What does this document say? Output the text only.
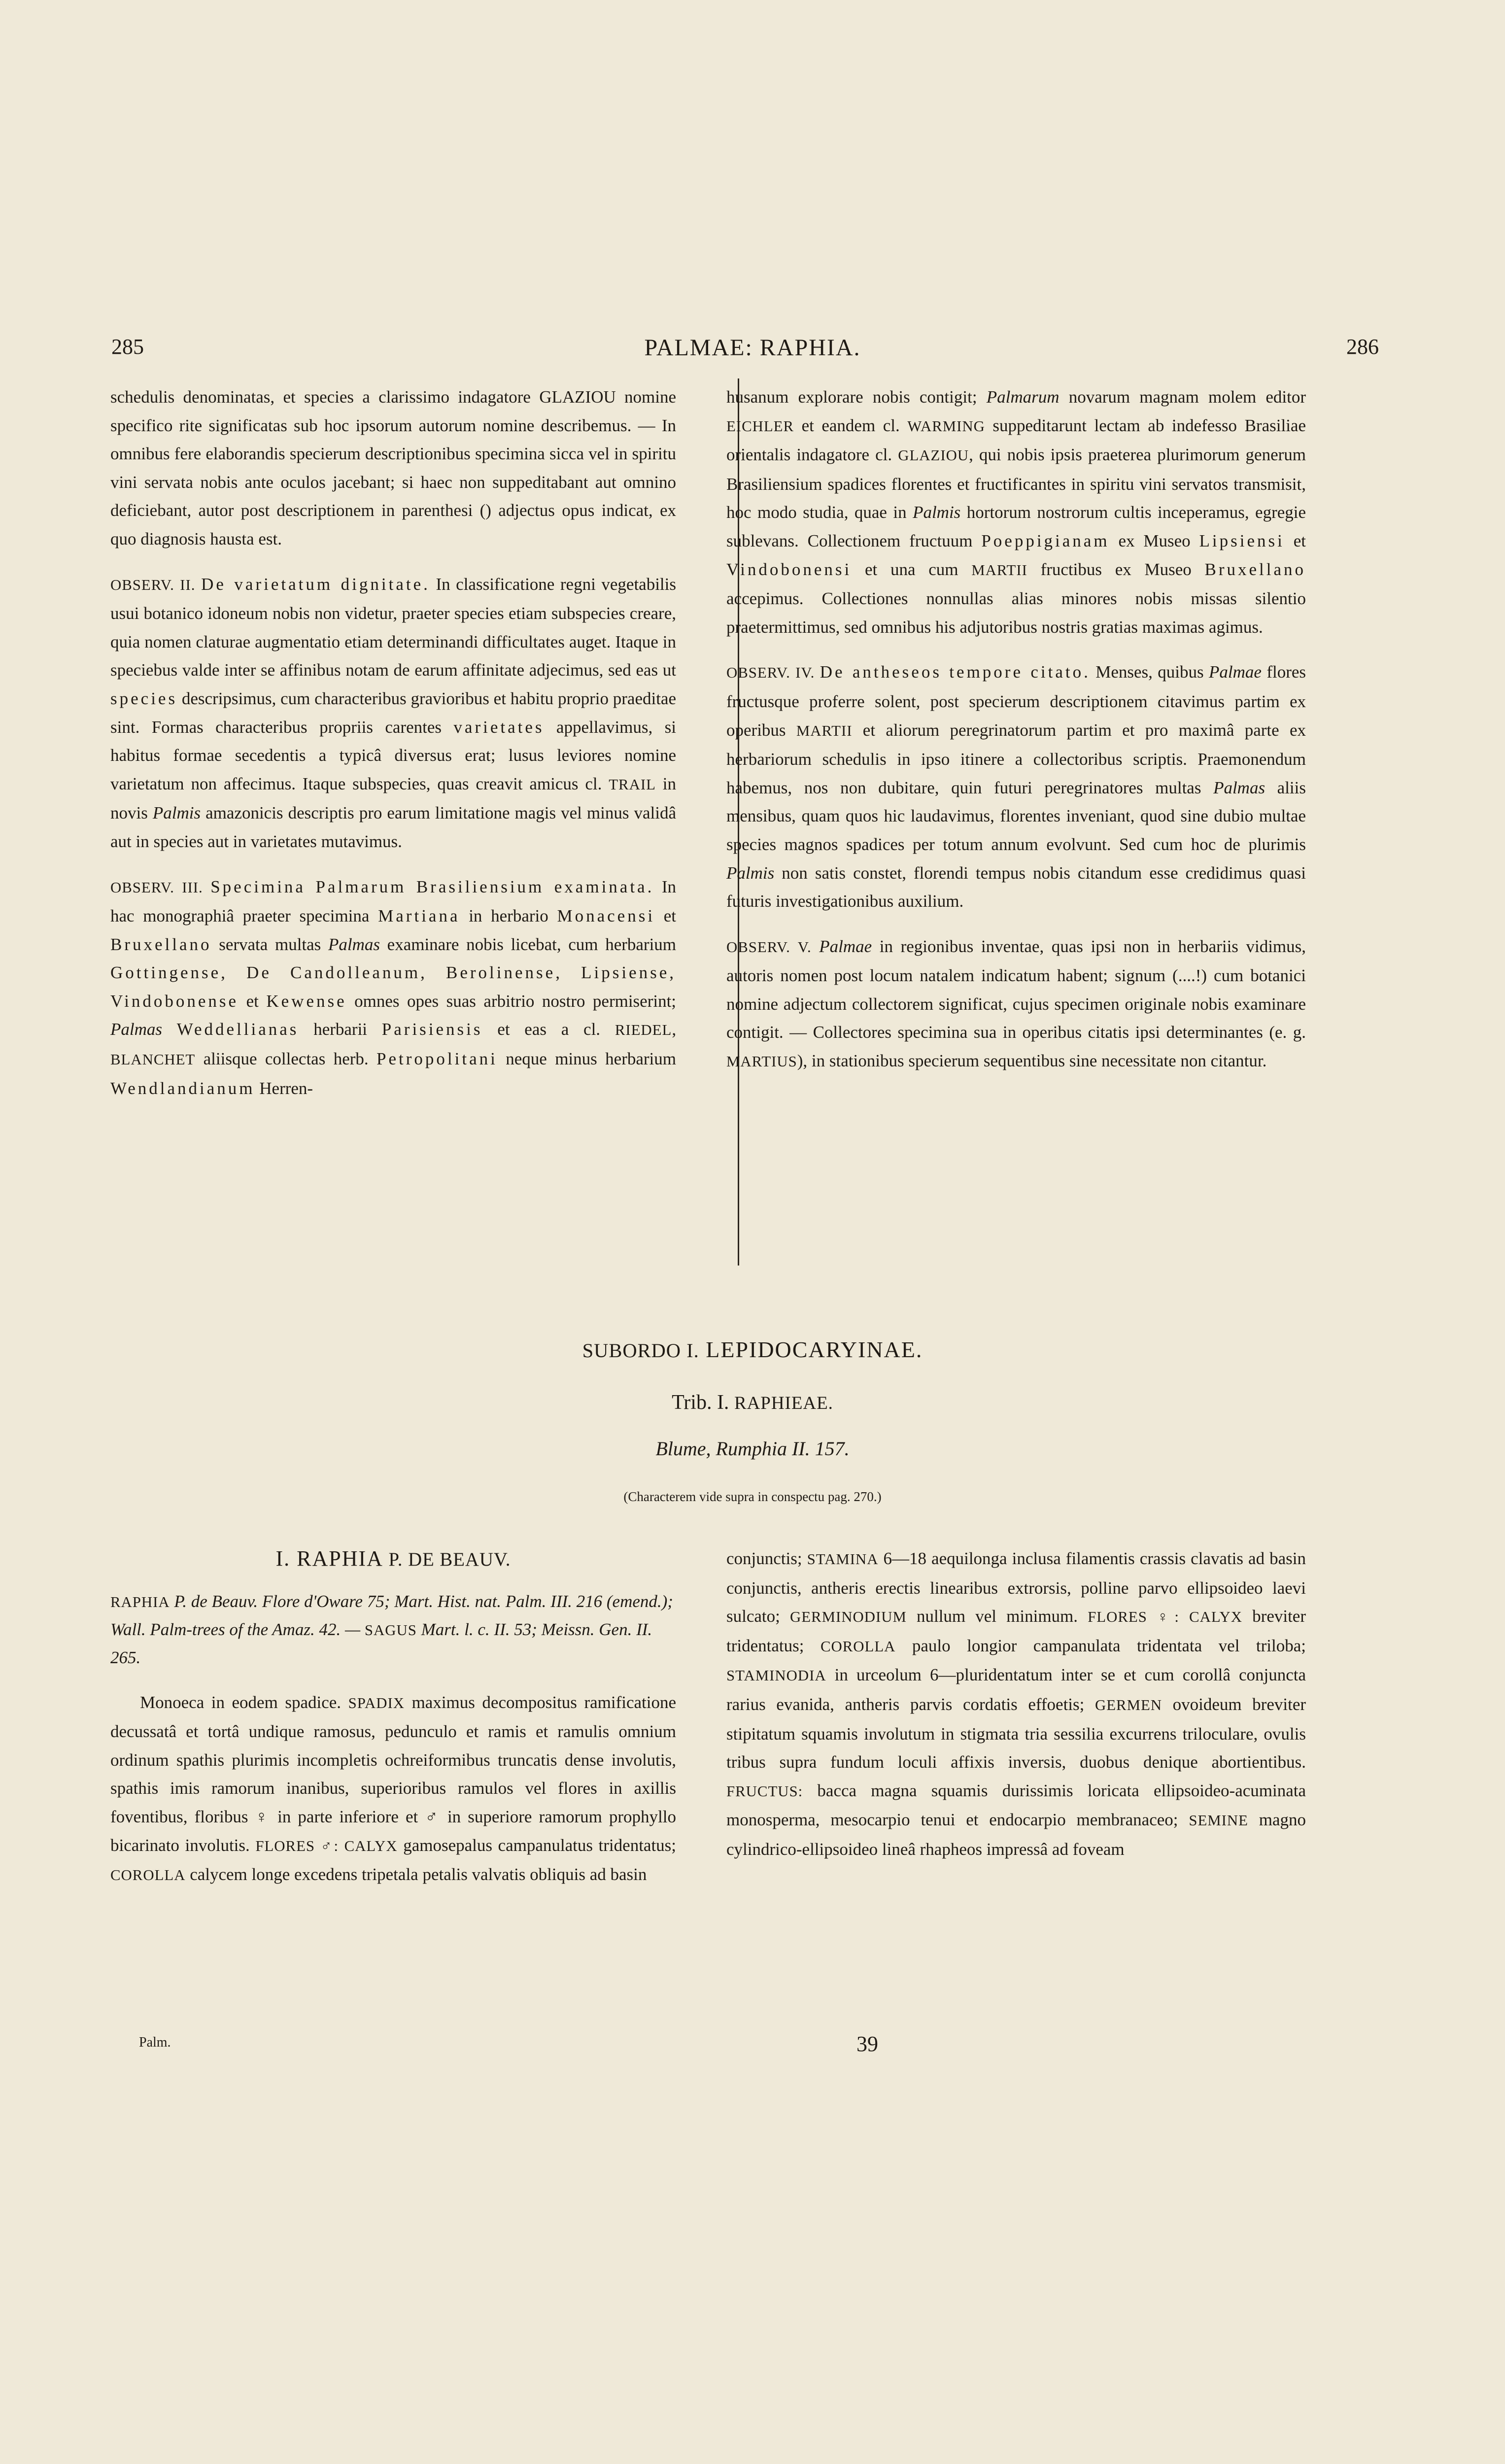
285	PALMAE: RAPHIA.	286

schedulis denominatas, et species a clarissimo indagatore GLAZIOU nomine specifico rite significatas sub hoc ipsorum autorum nomine describemus. — In omnibus fere elaborandis specierum descriptionibus specimina sicca vel in spiritu vini servata nobis ante oculos jacebant; si haec non suppeditabant aut omnino deficiebant, autor post descriptionem in parenthesi () adjectus opus indicat, ex quo diagnosis hausta est.

OBSERV. II. De varietatum dignitate. In classificatione regni vegetabilis usui botanico idoneum nobis non videtur, praeter species etiam subspecies creare, quia nomen claturae augmentatio etiam determinandi difficultates auget. Itaque in speciebus valde inter se affinibus notam de earum affinitate adjecimus, sed eas ut species descripsimus, cum characteribus gravioribus et habitu proprio praeditae sint. Formas characteribus propriis carentes varietates appellavimus, si habitus formae secedentis a typicâ diversus erat; lusus leviores nomine varietatum non affecimus. Itaque subspecies, quas creavit amicus cl. TRAIL in novis Palmis amazonicis descriptis pro earum limitatione magis vel minus validâ aut in species aut in varietates mutavimus.

OBSERV. III. Specimina Palmarum Brasiliensium examinata. In hac monographiâ praeter specimina Martiana in herbario Monacensi et Bruxellano servata multas Palmas examinare nobis licebat, cum herbarium Gottingense, De Candolleanum, Berolinense, Lipsiense, Vindobonense et Kewense omnes opes suas arbitrio nostro permiserint; Palmas Weddellianas herbarii Parisiensis et eas a cl. RIEDEL, BLANCHET aliisque collectas herb. Petropolitani neque minus herbarium Wendlandianum Herren-

husanum explorare nobis contigit; Palmarum novarum magnam molem editor EICHLER et eandem cl. WARMING suppeditarunt lectam ab indefesso Brasiliae orientalis indagatore cl. GLAZIOU, qui nobis ipsis praeterea plurimorum generum Brasiliensium spadices florentes et fructificantes in spiritu vini servatos transmisit, hoc modo studia, quae in Palmis hortorum nostrorum cultis inceperamus, egregie sublevans. Collectionem fructuum Poeppigianam ex Museo Lipsiensi et Vindobonensi et una cum MARTII fructibus ex Museo Bruxellano accepimus. Collectiones nonnullas alias minores nobis missas silentio praetermittimus, sed omnibus his adjutoribus nostris gratias maximas agimus.

OBSERV. IV. De antheseos tempore citato. Menses, quibus Palmae flores fructusque proferre solent, post specierum descriptionem citavimus partim ex operibus MARTII et aliorum peregrinatorum partim et pro maximâ parte ex herbariorum schedulis in ipso itinere a collectoribus scriptis. Praemonendum habemus, nos non dubitare, quin futuri peregrinatores multas Palmas aliis mensibus, quam quos hic laudavimus, florentes inveniant, quod sine dubio multae species magnos spadices per totum annum evolvunt. Sed cum hoc de plurimis Palmis non satis constet, florendi tempus nobis citandum esse credidimus quasi futuris investigationibus auxilium.

OBSERV. V. Palmae in regionibus inventae, quas ipsi non in herbariis vidimus, autoris nomen post locum natalem indicatum habent; signum (....!) cum botanici nomine adjectum collectorem significat, cujus specimen originale nobis examinare contigit. — Collectores specimina sua in operibus citatis ipsi determinantes (e. g. MARTIUS), in stationibus specierum sequentibus sine necessitate non citantur.

SUBORDO I. LEPIDOCARYINAE.
Trib. I. RAPHIEAE.
Blume, Rumphia II. 157.
(Characterem vide supra in conspectu pag. 270.)
I. RAPHIA P. DE BEAUV.

RAPHIA P. de Beauv. Flore d'Oware 75; Mart. Hist. nat. Palm. III. 216 (emend.); Wall. Palm-trees of the Amaz. 42. — SAGUS Mart. l. c. II. 53; Meissn. Gen. II. 265.

Monoeca in eodem spadice. SPADIX maximus decompositus ramificatione decussatâ et tortâ undique ramosus, pedunculo et ramis et ramulis omnium ordinum spathis plurimis incompletis ochreiformibus truncatis dense involutis, spathis imis ramorum inanibus, superioribus ramulos vel flores in axillis foventibus, floribus ♀ in parte inferiore et ♂ in superiore ramorum prophyllo bicarinato involutis. FLORES ♂: CALYX gamosepalus campanulatus tridentatus; COROLLA calycem longe excedens tripetala petalis valvatis obliquis ad basin

conjunctis; STAMINA 6—18 aequilonga inclusa filamentis crassis clavatis ad basin conjunctis, antheris erectis linearibus extrorsis, polline parvo ellipsoideo laevi sulcato; GERMINODIUM nullum vel minimum. FLORES ♀: CALYX breviter tridentatus; COROLLA paulo longior campanulata tridentata vel triloba; STAMINODIA in urceolum 6—pluridentatum inter se et cum corollâ conjuncta rarius evanida, antheris parvis cordatis effoetis; GERMEN ovoideum breviter stipitatum squamis involutum in stigmata tria sessilia excurrens triloculare, ovulis tribus supra fundum loculi affixis inversis, duobus denique abortientibus. FRUCTUS: bacca magna squamis durissimis loricata ellipsoideo-acuminata monosperma, mesocarpio tenui et endocarpio membranaceo; SEMINE magno cylindrico-ellipsoideo lineâ rhapheos impressâ ad foveam

Palm.	39
